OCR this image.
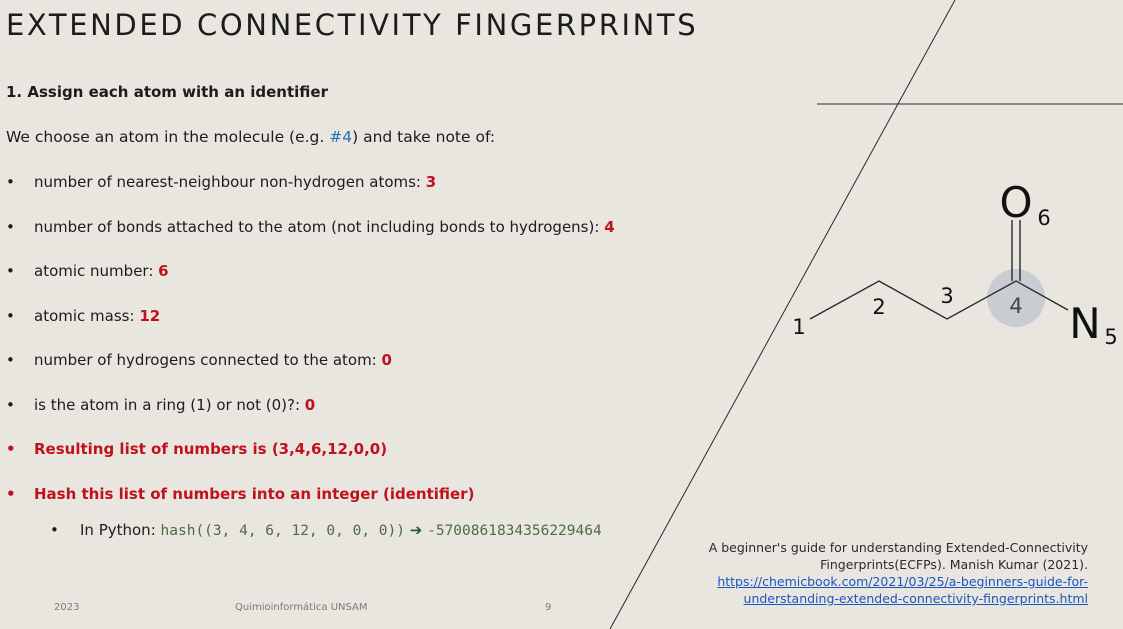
EXTENDED CONNECTIVITY FINGERPRINTS
1. Assign each atom with an identifier
We choose an atom in the molecule (e.g. #4) and take note of:
• number of nearest-neighbour non-hydrogen atoms: 3
• number of bonds attached to the atom (not including bonds to hydrogens): 4
• atomic number: 6
• atomic mass: 12
• number of hydrogens connected to the atom: 0
• is the atom in a ring (1) or not (0)?: 0
• Resulting list of numbers is (3,4,6,12,0,0)
• Hash this list of numbers into an integer (identifier)
• In Python: hash((3, 4, 6, 12, 0, 0, 0)) ➔ -5700861834356229464
O 6
N 5
1
2	3	4
A beginner's guide for understanding Extended-Connectivity Fingerprints(ECFPs). Manish Kumar (2021).
https://chemicbook.com/2021/03/25/a-beginners-guide-for-
understanding-extended-connectivity-fingerprints.html
2023	Quimioinformática UNSAM	9
